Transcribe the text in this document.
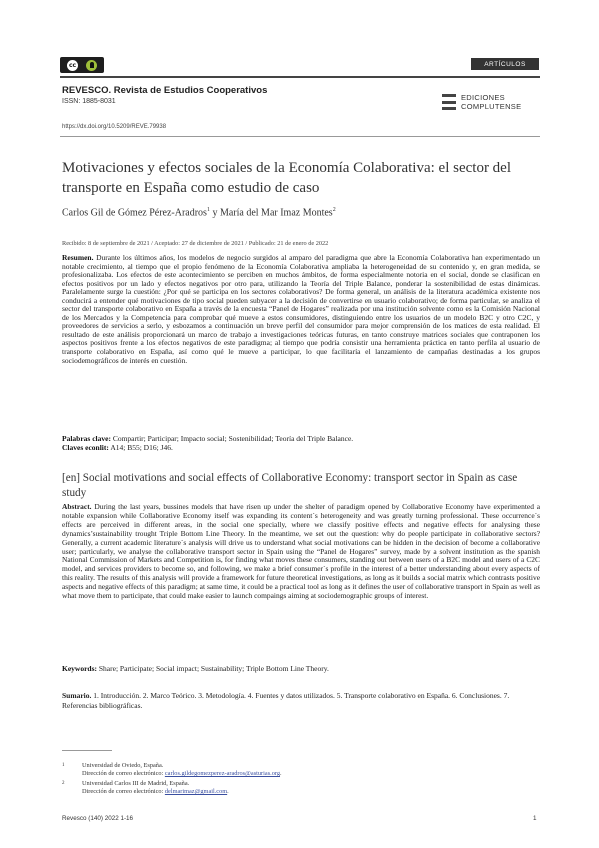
cc	ARTÍCULOS
REVESCO. Revista de Estudios Cooperativos
ISSN: 1885-8031	EDICIONES
COMPLUTENSE
https://dx.doi.org/10.5209/REVE.79938
Motivaciones y efectos sociales de la Economía Colaborativa: el sector del transporte en España como estudio de caso
Carlos Gil de Gómez Pérez-Aradros$^1$ y María del Mar Imaz Montes$^2$
Recibido: 8 de septiembre de 2021 / Aceptado: 27 de diciembre de 2021 / Publicado: 21 de enero de 2022
Resumen. Durante los últimos años, los modelos de negocio surgidos al amparo del paradigma que abre la Economía Colaborativa han experimentado un notable crecimiento, al tiempo que el propio fenómeno de la Economía Colaborativa ampliaba la heterogeneidad de su contenido y, en gran medida, se profesionalizaba. Los efectos de este acontecimiento se perciben en muchos ámbitos, de forma especialmente notoria en el social, donde se clasifican en efectos positivos por un lado y efectos negativos por otro para, utilizando la Teoría del Triple Balance, ponderar la sostenibilidad de estas dinámicas. Paralelamente surge la cuestión: ¿Por qué se participa en los sectores colaborativos? De forma general, un análisis de la literatura académica existente nos conducirá a entender qué motivaciones de tipo social pueden subyacer a la decisión de convertirse en usuario colaborativo; de forma particular, se analiza el sector del transporte colaborativo en España a través de la encuesta “Panel de Hogares” realizada por una institución solvente como es la Comisión Nacional de los Mercados y la Competencia para comprobar qué mueve a estos consumidores, distinguiendo entre los usuarios de un modelo B2C y otro C2C, y proveedores de servicios a serlo, y esbozamos a continuación un breve perfil del consumidor para mejor comprensión de los matices de esta realidad. El resultado de este análisis proporcionará un marco de trabajo a investigaciones teóricas futuras, en tanto construye matrices sociales que contraponen los aspectos positivos frente a los efectos negativos de este paradigma; al tiempo que podría consistir una herramienta práctica en tanto perfila al usuario de transporte colaborativo en España, así como qué le mueve a participar, lo que facilitaría el lanzamiento de campañas destinadas a los grupos sociodemográficos de interés en cuestión.
Palabras clave: Compartir; Participar; Impacto social; Sostenibilidad; Teoría del Triple Balance.
Claves econlit: A14; B55; D16; J46.
[en] Social motivations and social effects of Collaborative Economy: transport sector in Spain as case study
Abstract. During the last years, bussines models that have risen up under the shelter of paradigm opened by Collaborative Economy have experimented a notable expansion while Collaborative Economy itself was expanding its content´s heterogeneity and was greatly turning professional. These occurrence´s effects are perceived in different areas, in the social one specially, where we classify positive effects and negative effects for analysing these dynamics’sustainability trought Triple Bottom Line Theory. In the meantime, we set out the question: why do people participate in collaborative sectors? Generally, a current academic literature´s analysis will drive us to understand what social motivations can be hidden in the decision of become a collaborative user; particularly, we analyse the collaborative transport sector in Spain using the “Panel de Hogares” survey, made by a solvent institution as the spanish National Commission of Markets and Competition is, for finding what moves these consumers, standing out between users of a B2C model and users of a C2C model, and services providers to become so, and following, we make a brief consumer´s profile in the interest of a better understanding about every aspects of this reality. The results of this analysis will provide a framework for future theoretical investigations, as long as it builds a social matrix which contrasts positive aspects and negative effects of this paradigm; at same time, it could be a practical tool as long as it defines the user of collaborative transport in Spain as well as what move them to participate, that could make easier to launch compaings aiming at sociodemographic groups of interest.
Keywords: Share; Participate; Social impact; Sustainability; Triple Bottom Line Theory.
Sumario. 1. Introducción. 2. Marco Teórico. 3. Metodología. 4. Fuentes y datos utilizados. 5. Transporte colaborativo en España. 6. Conclusiones. 7. Referencias bibliográficas.
1	Universidad de Oviedo, España.
Dirección de correo electrónico: carlos.gildegomezperez-aradros@asturias.org.
2	Universidad Carlos III de Madrid, España.
Dirección de correo electrónico: delmarimaz@gmail.com.
Revesco (140) 2022 1-16	1
